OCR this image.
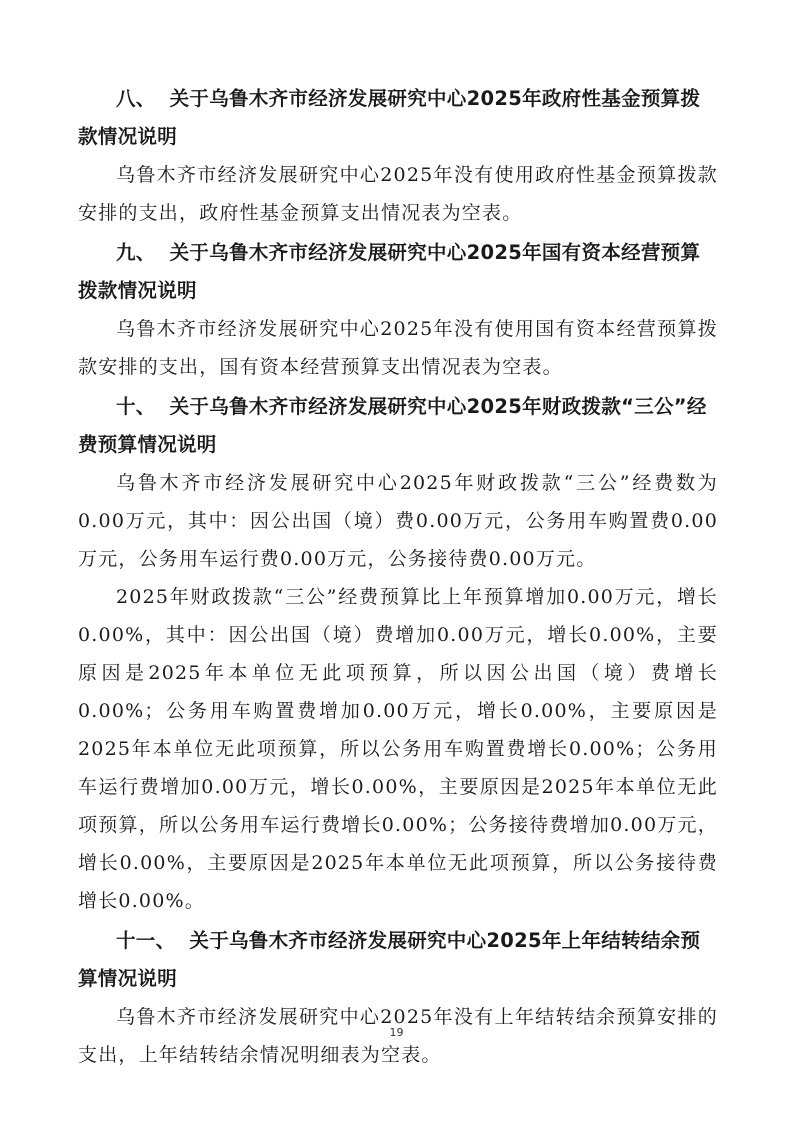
八、 关于乌鲁木齐市经济发展研究中心2025年政府性基金预算拨款情况说明

乌鲁木齐市经济发展研究中心2025年没有使用政府性基金预算拨款安排的支出，政府性基金预算支出情况表为空表。

九、 关于乌鲁木齐市经济发展研究中心2025年国有资本经营预算拨款情况说明

乌鲁木齐市经济发展研究中心2025年没有使用国有资本经营预算拨款安排的支出，国有资本经营预算支出情况表为空表。

十、 关于乌鲁木齐市经济发展研究中心2025年财政拨款“三公”经费预算情况说明

乌鲁木齐市经济发展研究中心2025年财政拨款“三公”经费数为0.00万元，其中：因公出国（境）费0.00万元，公务用车购置费0.00万元，公务用车运行费0.00万元，公务接待费0.00万元。

2025年财政拨款“三公”经费预算比上年预算增加0.00万元，增长0.00%，其中：因公出国（境）费增加0.00万元，增长0.00%，主要原因是2025年本单位无此项预算，所以因公出国（境）费增长0.00%；公务用车购置费增加0.00万元，增长0.00%，主要原因是2025年本单位无此项预算，所以公务用车购置费增长0.00%；公务用车运行费增加0.00万元，增长0.00%，主要原因是2025年本单位无此项预算，所以公务用车运行费增长0.00%；公务接待费增加0.00万元，增长0.00%，主要原因是2025年本单位无此项预算，所以公务接待费增长0.00%。

十一、 关于乌鲁木齐市经济发展研究中心2025年上年结转结余预算情况说明

乌鲁木齐市经济发展研究中心2025年没有上年结转结余预算安排的支出，上年结转结余情况明细表为空表。

19
